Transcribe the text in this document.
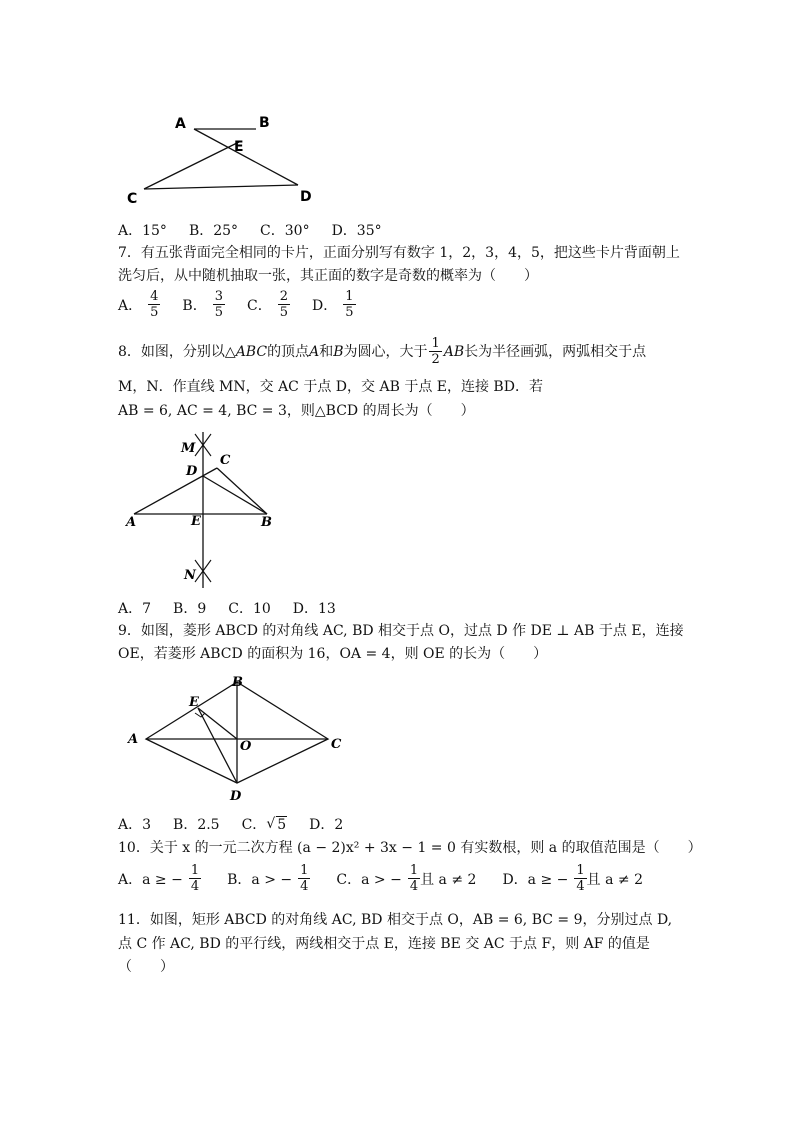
A	B
E
C	D
A．15° B．25° C．30° D．35°
7．有五张背面完全相同的卡片，正面分别写有数字 1，2，3，4，5，把这些卡片背面朝上
洗匀后，从中随机抽取一张，其正面的数字是奇数的概率为（　　）
A． $\frac{4}{5}$ B． $\frac{3}{5}$ C． $\frac{2}{5}$ D． $\frac{1}{5}$
8．如图，分别以△ ABC 的顶点 A 和 B 为圆心，大于 $\frac{1}{2}$ AB 长为半径画弧，两弧相交于点
M，N．作直线 MN，交 AC 于点 D，交 AB 于点 E，连接 BD．若
AB = 6, AC = 4, BC = 3，则△BCD 的周长为（　　）
M
D
C
A	E	B
N
A．7 B．9 C．10 D．13
9．如图，菱形 ABCD 的对角线 AC, BD 相交于点 O，过点 D 作 DE ⊥ AB 于点 E，连接
OE，若菱形 ABCD 的面积为 16，OA = 4，则 OE 的长为（　　）
E
B
A	O	C
D
A．3 B．2.5 C． √ 5 D．2
10．关于 x 的一元二次方程 (a − 2)x² + 3x − 1 = 0 有实数根，则 a 的取值范围是（　　）
A．a ≥ − $\frac{1}{4}$ B．a > − $\frac{1}{4}$ C．a > − $\frac{1}{4}$ 且 a ≠ 2 D．a ≥ − $\frac{1}{4}$ 且 a ≠ 2
11．如图，矩形 ABCD 的对角线 AC, BD 相交于点 O，AB = 6, BC = 9，分别过点 D,
点 C 作 AC, BD 的平行线，两线相交于点 E，连接 BE 交 AC 于点 F，则 AF 的值是
（　　）
